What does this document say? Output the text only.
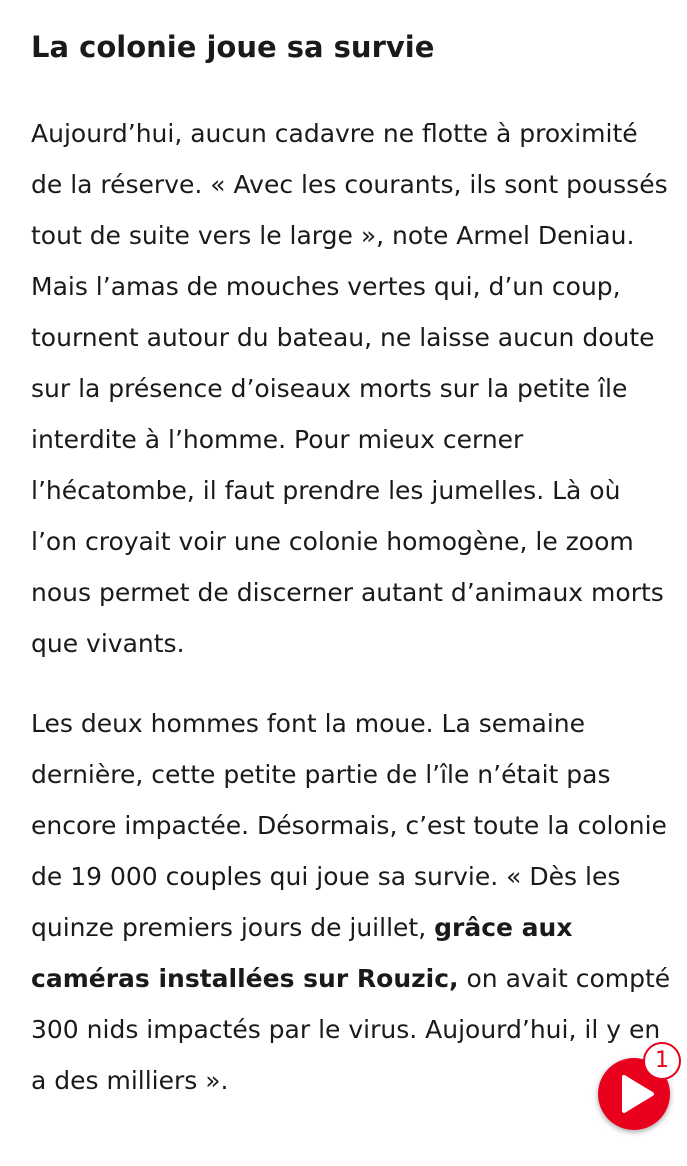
La colonie joue sa survie

Aujourd’hui, aucun cadavre ne flotte à proximité de la réserve. « Avec les courants, ils sont poussés tout de suite vers le large », note Armel Deniau. Mais l’amas de mouches vertes qui, d’un coup, tournent autour du bateau, ne laisse aucun doute sur la présence d’oiseaux morts sur la petite île interdite à l’homme. Pour mieux cerner l’hécatombe, il faut prendre les jumelles. Là où l’on croyait voir une colonie homogène, le zoom nous permet de discerner autant d’animaux morts que vivants.

Les deux hommes font la moue. La semaine dernière, cette petite partie de l’île n’était pas encore impactée. Désormais, c’est toute la colonie de 19 000 couples qui joue sa survie. « Dès les quinze premiers jours de juillet, grâce aux caméras installées sur Rouzic, on avait compté 300 nids impactés par le virus. Aujourd’hui, il y en a des milliers ».

1
